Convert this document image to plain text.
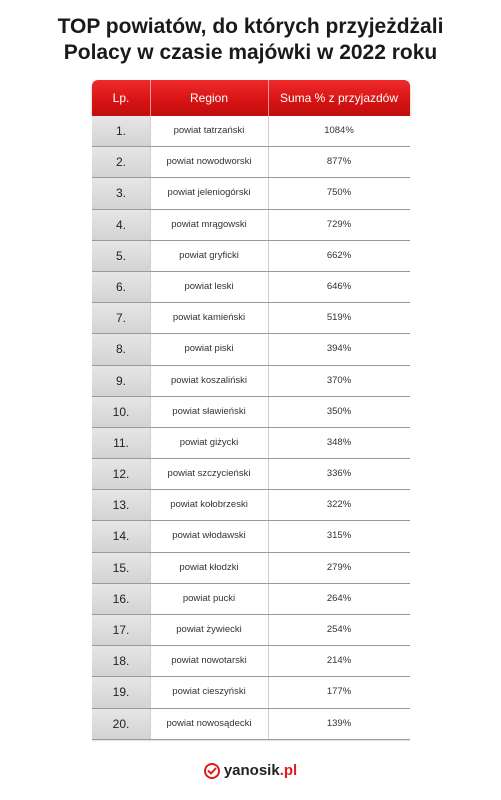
TOP powiatów, do których przyjeżdżali
Polacy w czasie majówki w 2022 roku
Lp.	Region	Suma % z przyjazdów
1.	powiat tatrzański	1084%
2.	powiat nowodworski	877%
3.	powiat jeleniogórski	750%
4.	powiat mrągowski	729%
5.	powiat gryficki	662%
6.	powiat leski	646%
7.	powiat kamieński	519%
8.	powiat piski	394%
9.	powiat koszaliński	370%
10.	powiat sławieński	350%
11.	powiat giżycki	348%
12.	powiat szczycieński	336%
13.	powiat kołobrzeski	322%
14.	powiat włodawski	315%
15.	powiat kłodzki	279%
16.	powiat pucki	264%
17.	powiat żywiecki	254%
18.	powiat nowotarski	214%
19.	powiat cieszyński	177%
20.	powiat nowosądecki	139%
yanosik.pl
